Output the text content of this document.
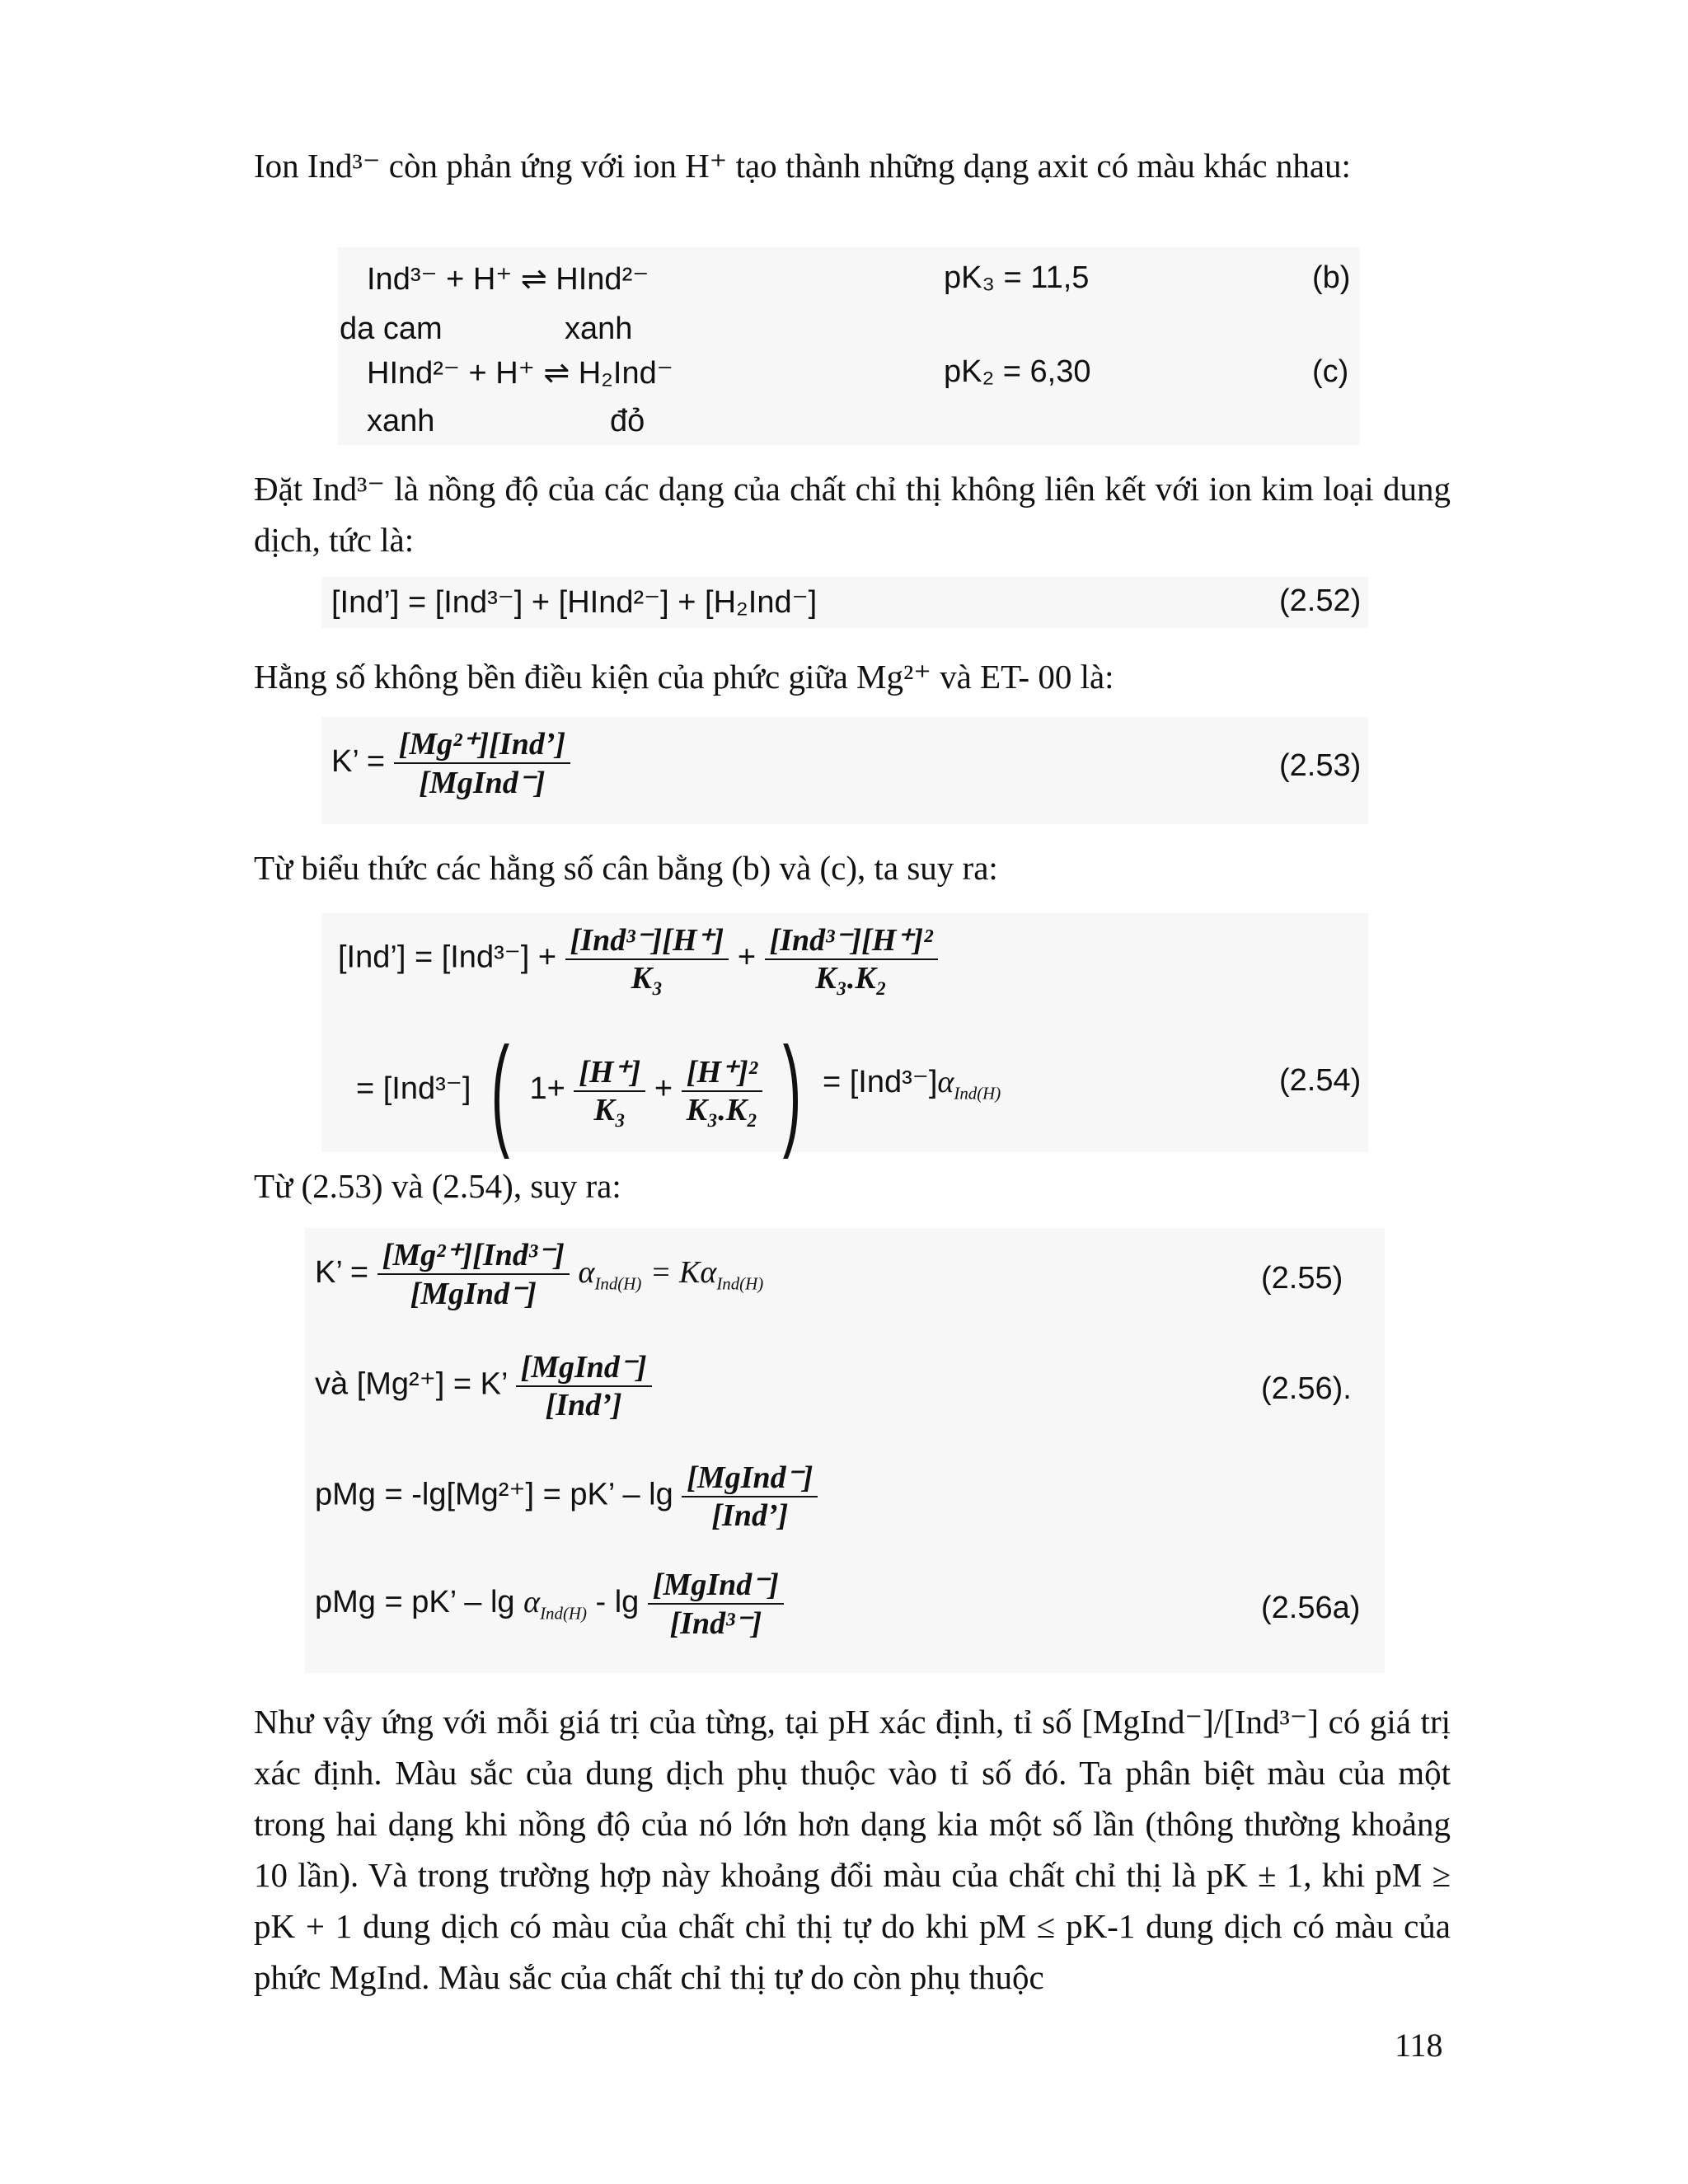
Ion Ind³⁻ còn phản ứng với ion H⁺ tạo thành những dạng axit có màu khác nhau:
Ind³⁻ + H⁺ ⇌ HInd²⁻	pK₃ = 11,5	(b)
da cam	xanh
HInd²⁻ + H⁺ ⇌ H₂Ind⁻	pK₂ = 6,30	(c)
xanh	đỏ
Đặt Ind³⁻ là nồng độ của các dạng của chất chỉ thị không liên kết với ion kim loại dung dịch, tức là:
[Ind’] = [Ind³⁻] + [HInd²⁻] + [H₂Ind⁻]	(2.52)
Hằng số không bền điều kiện của phức giữa Mg²⁺ và ET- 00 là:
K’ = $\frac{\text{[Mg²⁺][Ind’]}}{\text{[MgInd⁻]}}$	(2.53)
Từ biểu thức các hằng số cân bằng (b) và (c), ta suy ra:
[Ind’] = $[Ind^{3-}] + \frac{\text{[Ind³⁻][H⁺]}}{\text{K₃}} + \frac{\text{[Ind³⁻][H⁺]²}}{\text{K₃.K₂}}$
= [Ind³⁻] ( $1+ \frac{[H^+]}{\text{K₃}} + \frac{\text{[H⁺]²}}{\text{K₃.K₂}}$ ) = $[Ind^{3-}]\alpha_{Ind(H)}$	(2.54)
Từ (2.53) và (2.54), suy ra:
K’ = $\frac{\text{[Mg²⁺][Ind³⁻]}}{\text{[MgInd⁻]}} \alpha_{Ind(H)} = K\alpha_{Ind(H)}$	(2.55)
và [Mg²⁺] = K’ $\frac{\text{[MgInd⁻]}}{\text{[Ind’]}}$	(2.56).
pMg = -lg[Mg²⁺] = pK’ – $\lg \frac{\text{[MgInd⁻]}}{\text{[Ind’]}}$
pMg = pK’ – $\lg \alpha_{Ind(H)}$ - $\lg \frac{\text{[MgInd⁻]}}{\text{[Ind³⁻]}}$	(2.56a)
Như vậy ứng với mỗi giá trị của từng, tại pH xác định, tỉ số [MgInd⁻]/[Ind³⁻] có giá trị xác định. Màu sắc của dung dịch phụ thuộc vào tỉ số đó. Ta phân biệt màu của một trong hai dạng khi nồng độ của nó lớn hơn dạng kia một số lần (thông thường khoảng 10 lần). Và trong trường hợp này khoảng đổi màu của chất chỉ thị là pK ± 1, khi pM ≥ pK + 1 dung dịch có màu của chất chỉ thị tự do khi pM ≤ pK-1 dung dịch có màu của phức MgInd. Màu sắc của chất chỉ thị tự do còn phụ thuộc
118
